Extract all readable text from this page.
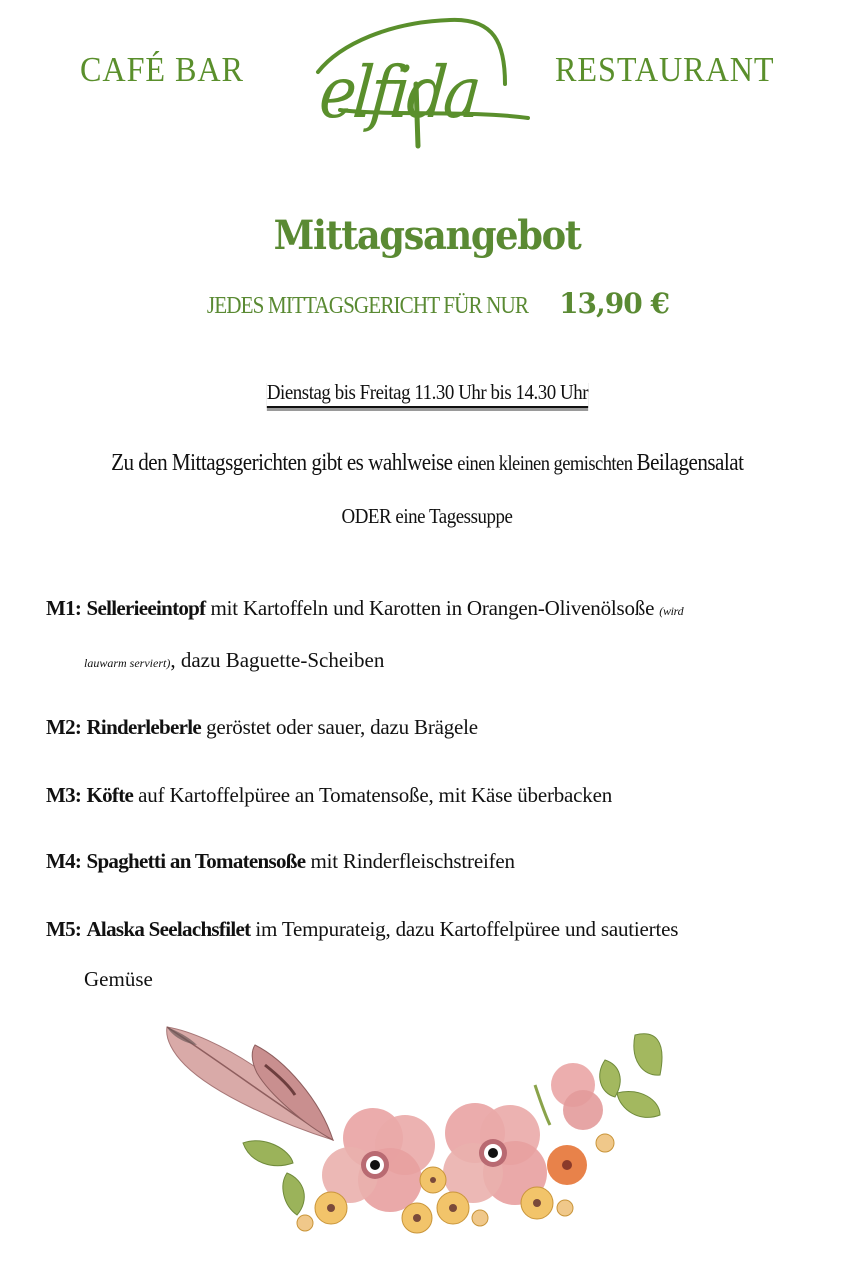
CAFÉ BAR elfida RESTAURANT
Mittagsangebot
JEDES MITTAGSGERICHT FÜR NUR 13,90 €
Dienstag bis Freitag 11.30 Uhr bis 14.30 Uhr
Zu den Mittagsgerichten gibt es wahlweise einen kleinen gemischten Beilagensalat
ODER eine Tagessuppe
M1: Sellerieeintopf mit Kartoffeln und Karotten in Orangen-Olivenölsoße (wird
lauwarm serviert), dazu Baguette-Scheiben
M2: Rinderleberle geröstet oder sauer, dazu Brägele
M3: Köfte auf Kartoffelpüree an Tomatensoße, mit Käse überbacken
M4: Spaghetti an Tomatensoße mit Rinderfleischstreifen
M5: Alaska Seelachsfilet im Tempurateig, dazu Kartoffelpüree und sautiertes
Gemüse
